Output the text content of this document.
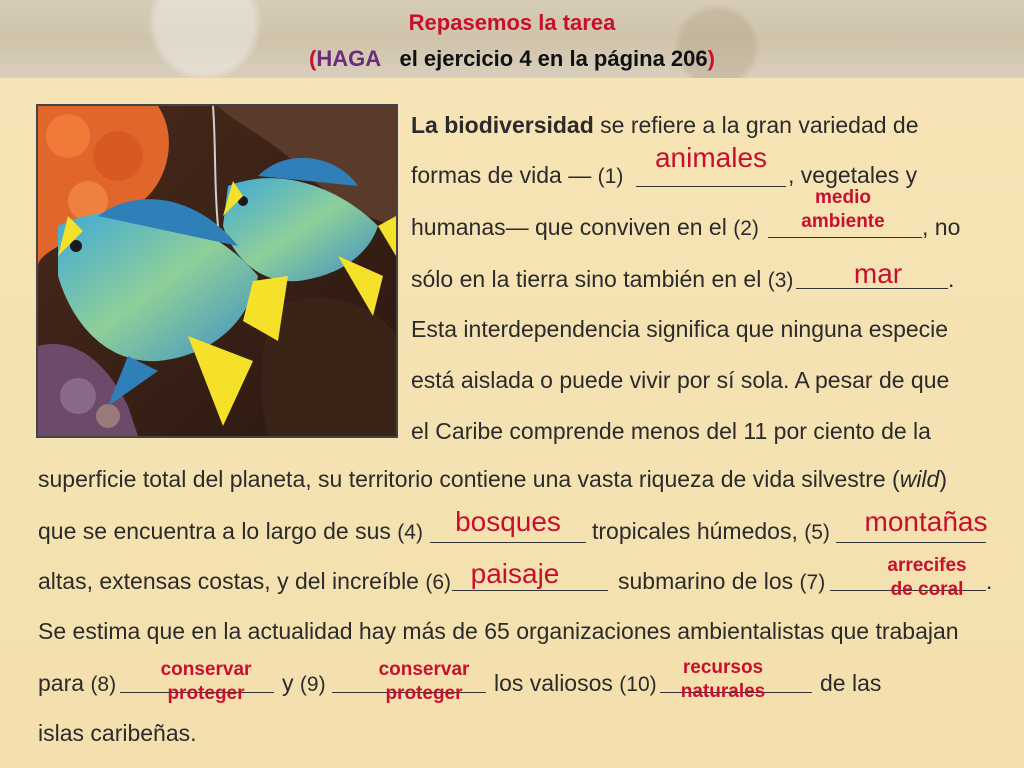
Repasemos la tarea
(HAGA el ejercicio 4 en la página 206)
La biodiversidad se refiere a la gran variedad de
formas de vida — (1)	, vegetales y
animales
humanas— que conviven en el (2)	, no
medio
ambiente
sólo en la tierra sino también en el (3)	.
mar
Esta interdependencia significa que ninguna especie
está aislada o puede vivir por sí sola. A pesar de que
el Caribe comprende menos del 11 por ciento de la
superficie total del planeta, su territorio contiene una vasta riqueza de vida silvestre (wild)
que se encuentra a lo largo de sus (4)	tropicales húmedos, (5)
bosques	montañas
altas, extensas costas, y del increíble (6)	submarino de los (7)	.
paisaje	arrecifes
de coral
Se estima que en la actualidad hay más de 65 organizaciones ambientalistas que trabajan
para (8)	y (9)	los valiosos (10)	de las
conservar
proteger
conservar
proteger
recursos
naturales
islas caribeñas.
